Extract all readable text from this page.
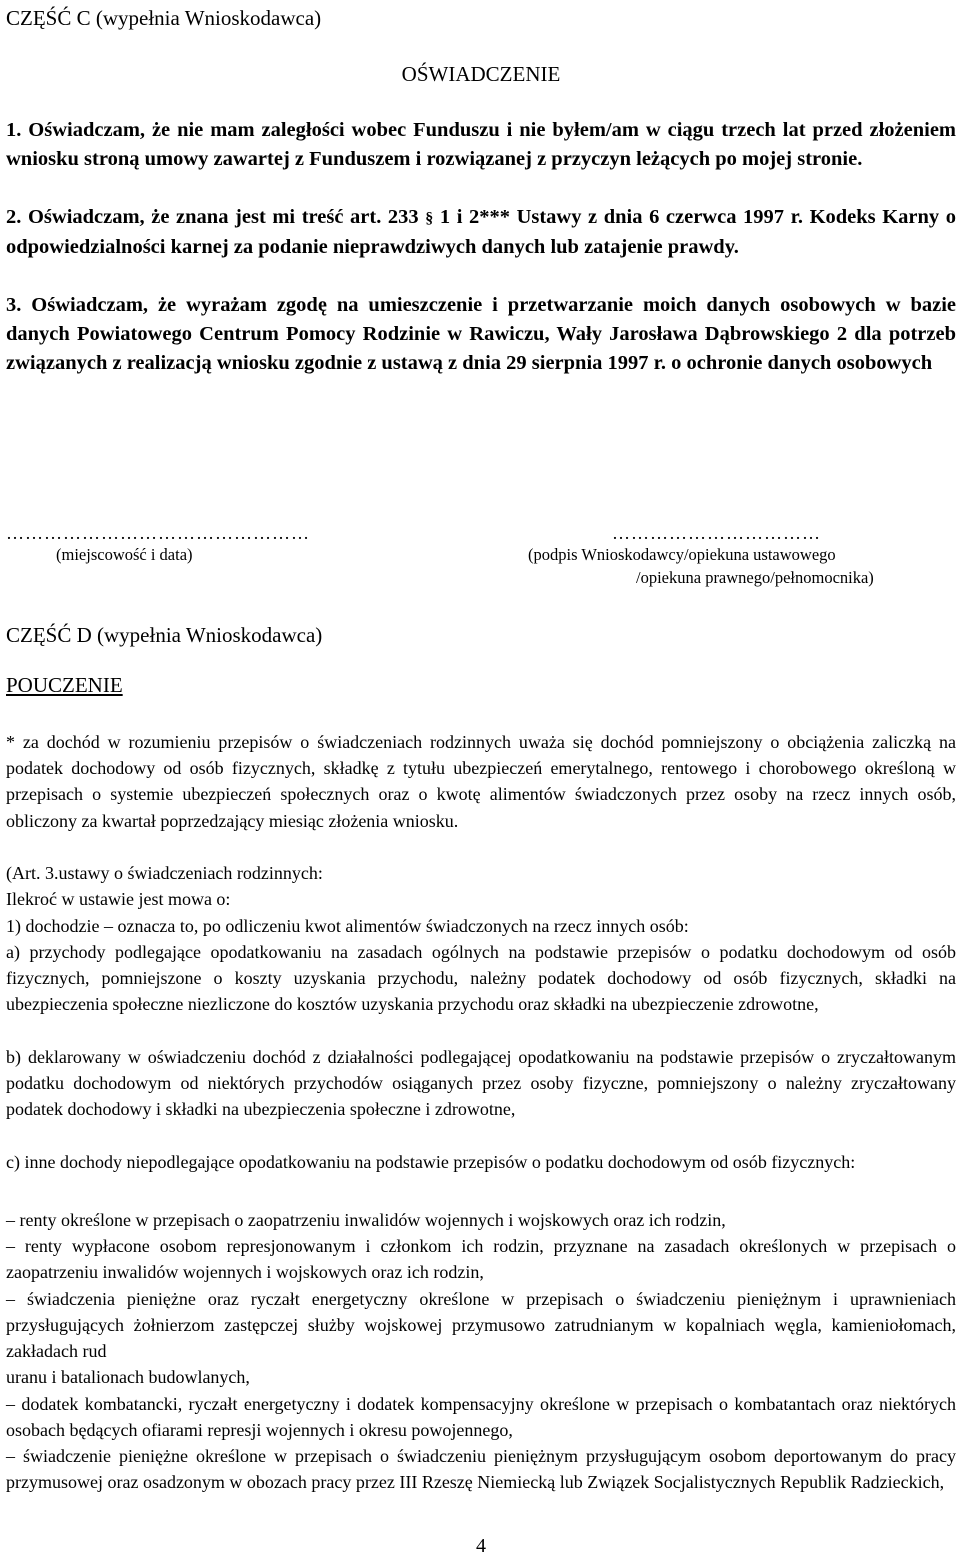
CZĘŚĆ C (wypełnia Wnioskodawca)
OŚWIADCZENIE

1. Oświadczam, że nie mam zaległości wobec Funduszu i nie byłem/am w ciągu trzech lat przed złożeniem wniosku stroną umowy zawartej z Funduszem i rozwiązanej z przyczyn leżących po mojej stronie.

2. Oświadczam, że znana jest mi treść art. 233 § 1 i 2*** Ustawy z dnia 6 czerwca 1997 r. Kodeks Karny o odpowiedzialności karnej za podanie nieprawdziwych danych lub zatajenie prawdy.

3. Oświadczam, że wyrażam zgodę na umieszczenie i przetwarzanie moich danych osobowych w bazie danych Powiatowego Centrum Pomocy Rodzinie w Rawiczu, Wały Jarosława Dąbrowskiego 2 dla potrzeb związanych z realizacją wniosku zgodnie z ustawą z dnia 29 sierpnia 1997 r. o ochronie danych osobowych

…………………………………………
(miejscowość i data)
……………………………
(podpis Wnioskodawcy/opiekuna ustawowego
/opiekuna prawnego/pełnomocnika)
CZĘŚĆ D (wypełnia Wnioskodawca)
POUCZENIE

* za dochód w rozumieniu przepisów o świadczeniach rodzinnych uważa się dochód pomniejszony o obciążenia zaliczką na podatek dochodowy od osób fizycznych, składkę z tytułu ubezpieczeń emerytalnego, rentowego i chorobowego określoną w przepisach o systemie ubezpieczeń społecznych oraz o kwotę alimentów świadczonych przez osoby na rzecz innych osób, obliczony za kwartał poprzedzający miesiąc złożenia wniosku.

(Art. 3.ustawy o świadczeniach rodzinnych:

Ilekroć w ustawie jest mowa o:

1) dochodzie – oznacza to, po odliczeniu kwot alimentów świadczonych na rzecz innych osób:

a) przychody podlegające opodatkowaniu na zasadach ogólnych na podstawie przepisów o podatku dochodowym od osób fizycznych, pomniejszone o koszty uzyskania przychodu, należny podatek dochodowy od osób fizycznych, składki na ubezpieczenia społeczne niezliczone do kosztów uzyskania przychodu oraz składki na ubezpieczenie zdrowotne,

b) deklarowany w oświadczeniu dochód z działalności podlegającej opodatkowaniu na podstawie przepisów o zryczałtowanym podatku dochodowym od niektórych przychodów osiąganych przez osoby fizyczne, pomniejszony o należny zryczałtowany podatek dochodowy i składki na ubezpieczenia społeczne i zdrowotne,

c) inne dochody niepodlegające opodatkowaniu na podstawie przepisów o podatku dochodowym od osób fizycznych:

– renty określone w przepisach o zaopatrzeniu inwalidów wojennych i wojskowych oraz ich rodzin,

– renty wypłacone osobom represjonowanym i członkom ich rodzin, przyznane na zasadach określonych w przepisach o zaopatrzeniu inwalidów wojennych i wojskowych oraz ich rodzin,

– świadczenia pieniężne oraz ryczałt energetyczny określone w przepisach o świadczeniu pieniężnym i uprawnieniach przysługujących żołnierzom zastępczej służby wojskowej przymusowo zatrudnianym w kopalniach węgla, kamieniołomach, zakładach rud

uranu i batalionach budowlanych,

– dodatek kombatancki, ryczałt energetyczny i dodatek kompensacyjny określone w przepisach o kombatantach oraz niektórych osobach będących ofiarami represji wojennych i okresu powojennego,

– świadczenie pieniężne określone w przepisach o świadczeniu pieniężnym przysługującym osobom deportowanym do pracy przymusowej oraz osadzonym w obozach pracy przez III Rzeszę Niemiecką lub Związek Socjalistycznych Republik Radzieckich,

4
